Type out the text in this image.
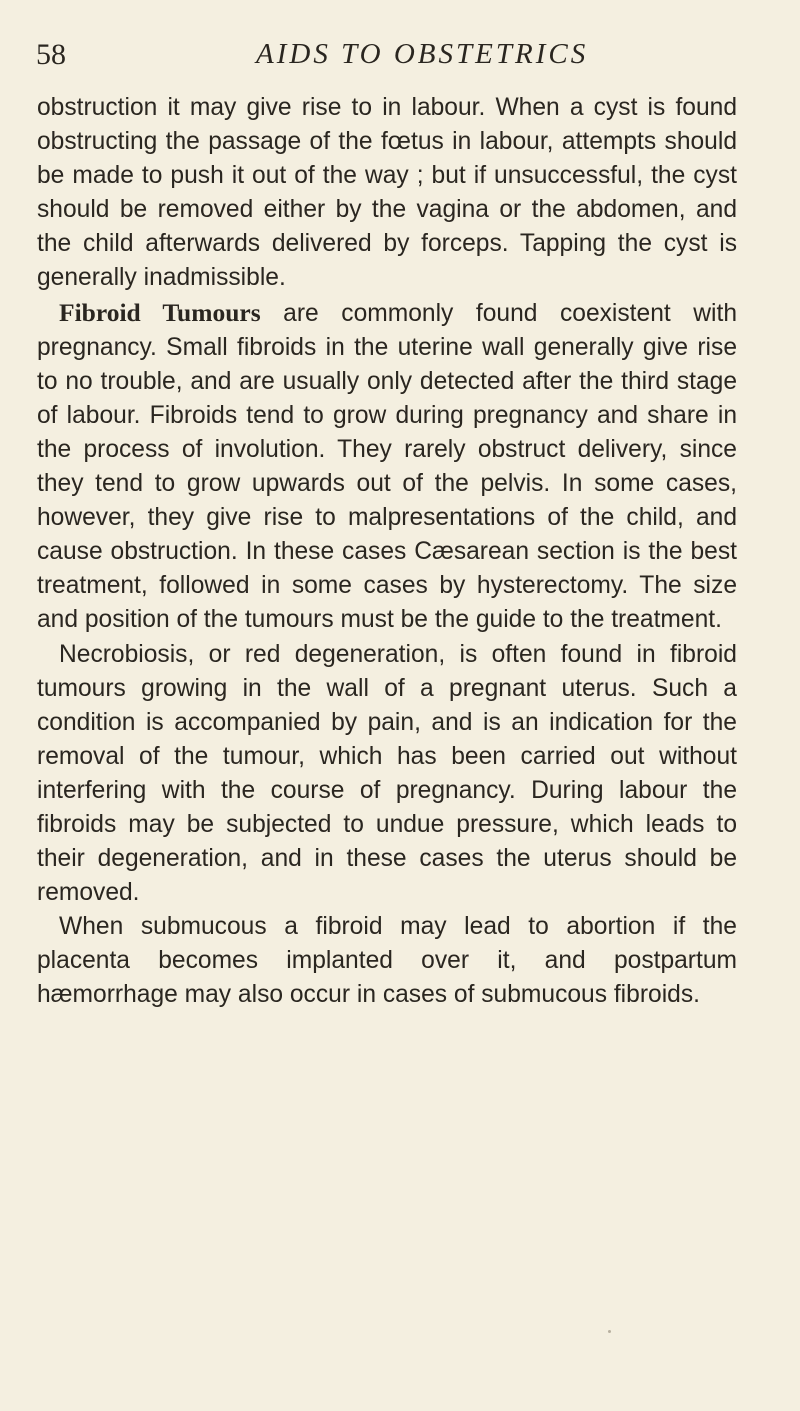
58	AIDS TO OBSTETRICS

obstruction it may give rise to in labour. When a cyst is found obstructing the passage of the fœtus in labour, attempts should be made to push it out of the way ; but if unsuccessful, the cyst should be removed either by the vagina or the abdomen, and the child afterwards delivered by forceps. Tapping the cyst is generally inadmissible.

Fibroid Tumours are commonly found coexistent with pregnancy. Small fibroids in the uterine wall generally give rise to no trouble, and are usually only detected after the third stage of labour. Fibroids tend to grow during pregnancy and share in the process of involution. They rarely obstruct delivery, since they tend to grow upwards out of the pelvis. In some cases, however, they give rise to malpresentations of the child, and cause obstruction. In these cases Cæsarean section is the best treatment, followed in some cases by hysterectomy. The size and position of the tumours must be the guide to the treatment.

Necrobiosis, or red degeneration, is often found in fibroid tumours growing in the wall of a pregnant uterus. Such a condition is accompanied by pain, and is an indication for the removal of the tumour, which has been carried out without interfering with the course of pregnancy. During labour the fibroids may be subjected to undue pressure, which leads to their degeneration, and in these cases the uterus should be removed.

When submucous a fibroid may lead to abortion if the placenta becomes implanted over it, and postpartum hæmorrhage may also occur in cases of submucous fibroids.
